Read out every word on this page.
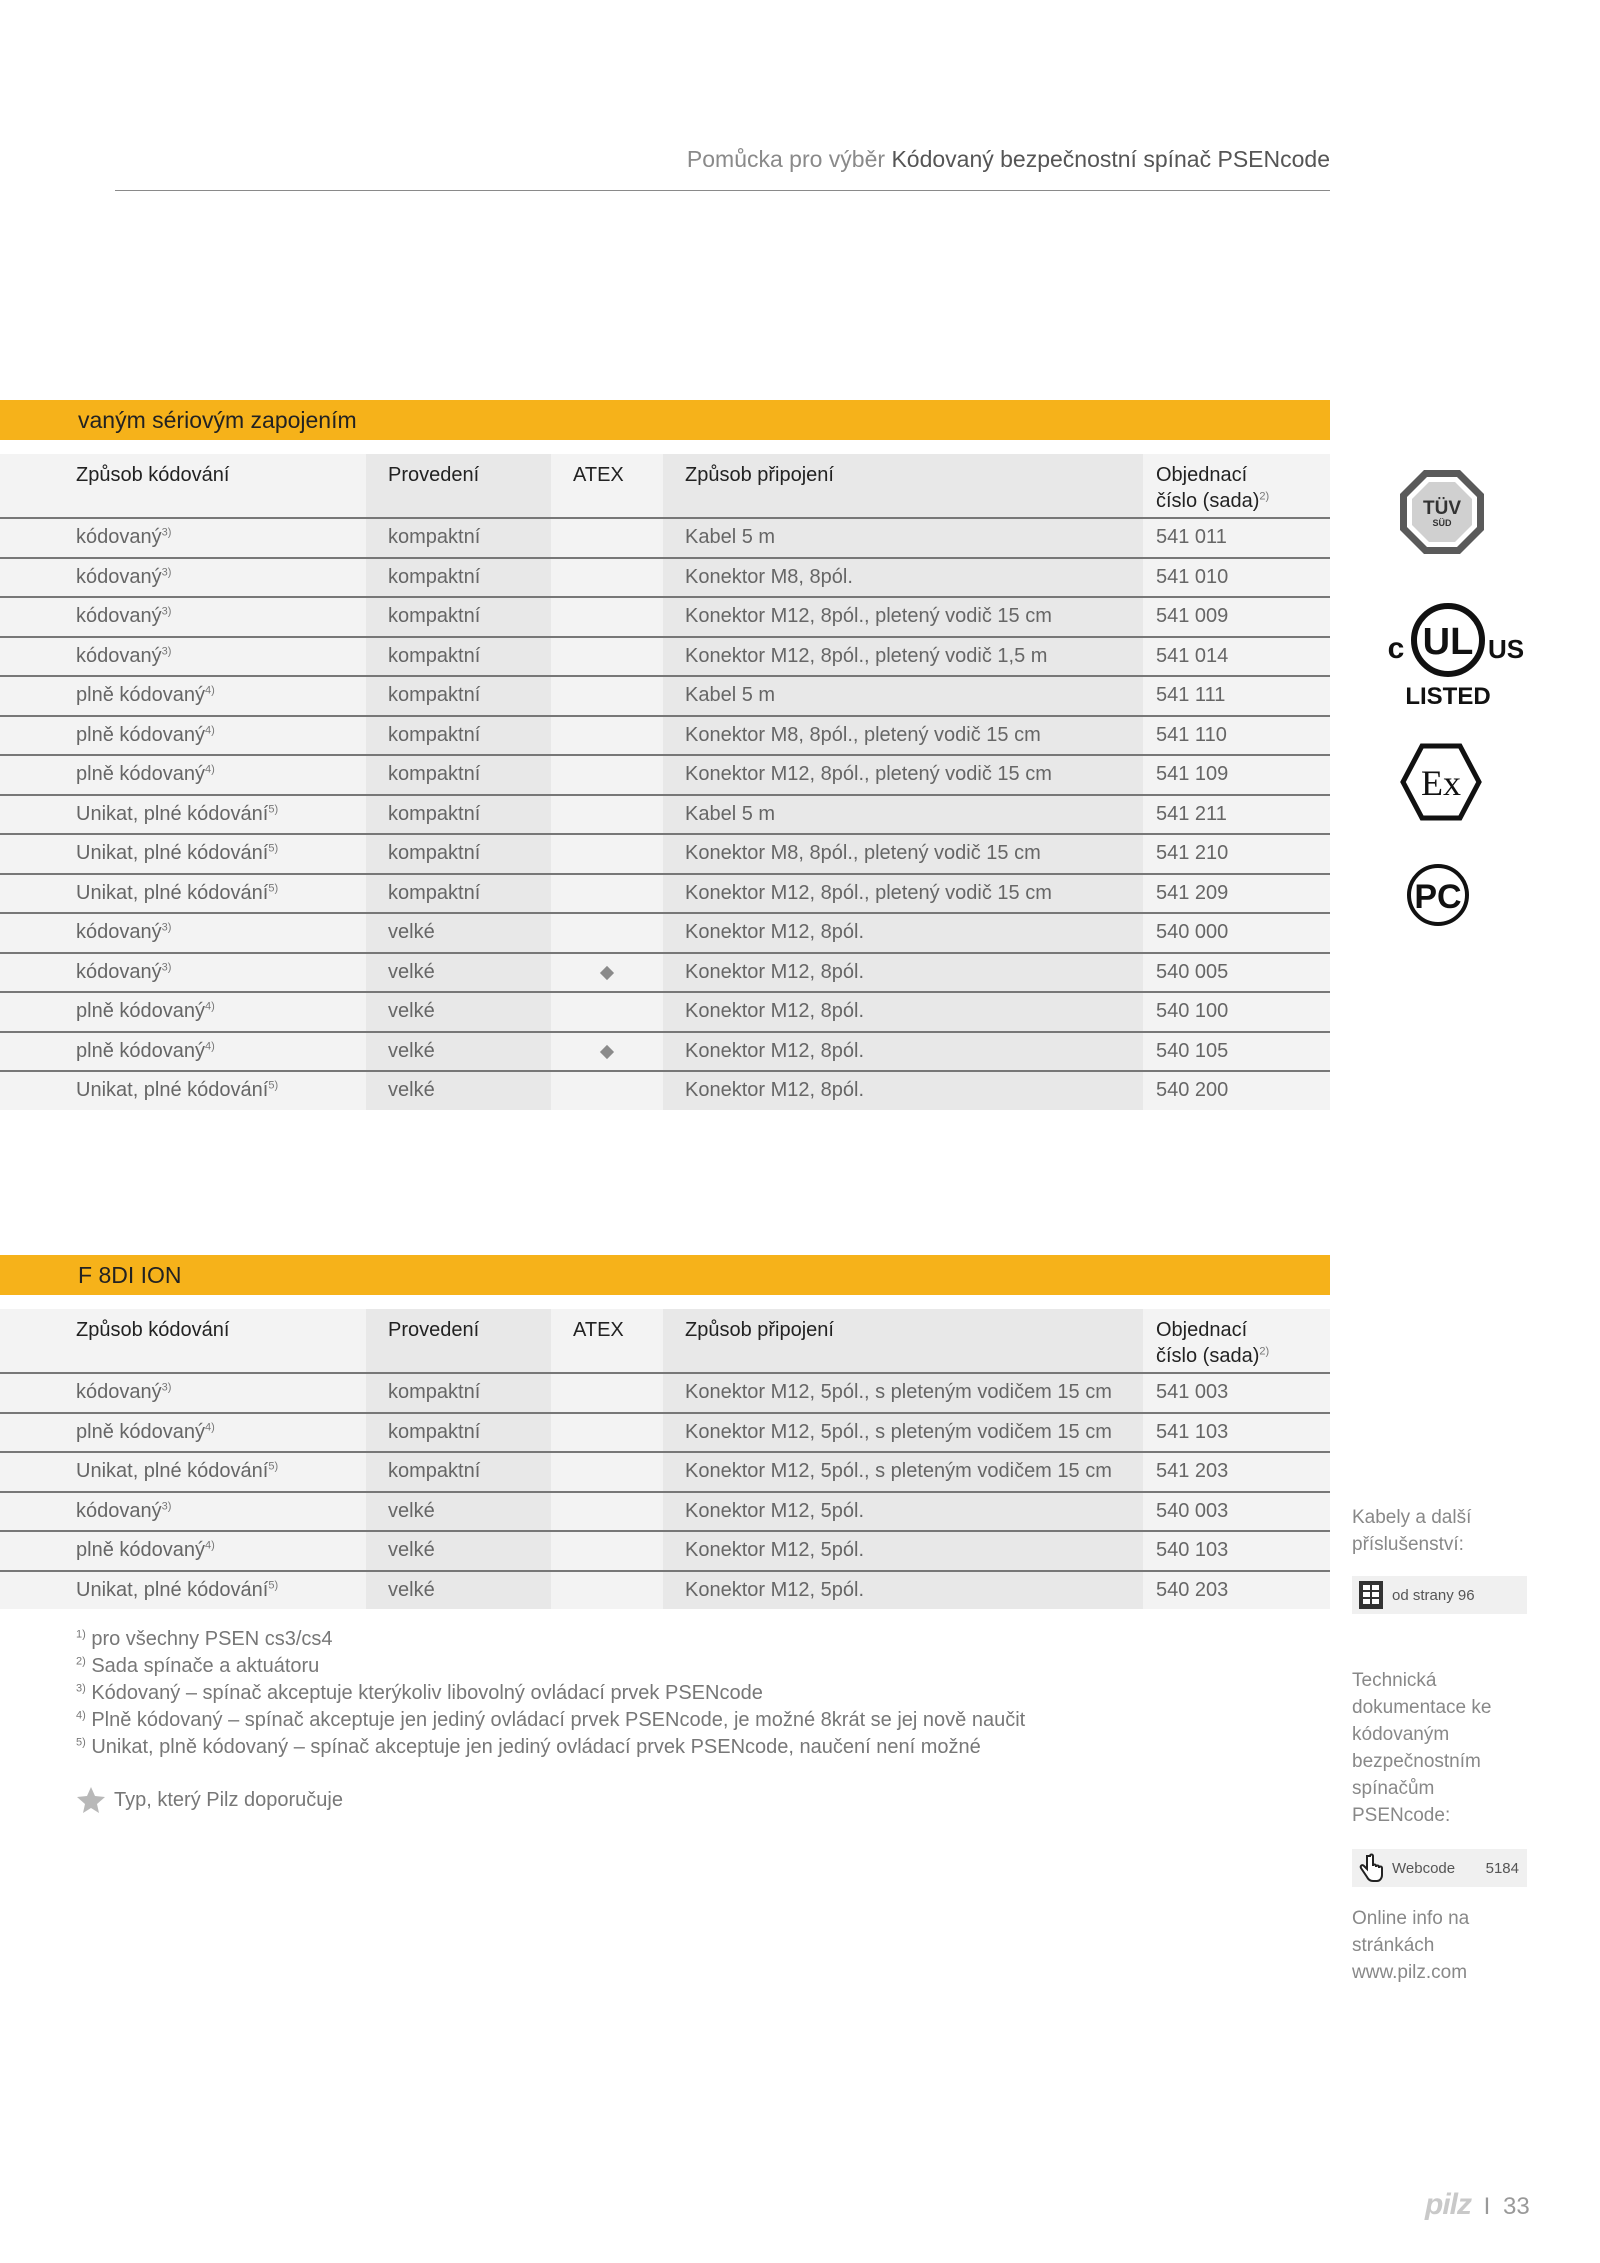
Pomůcka pro výběr Kódovaný bezpečnostní spínač PSENcode
vaným sériovým zapojením
Způsob kódování	Provedení	ATEX	Způsob připojení	Objednací
číslo (sada)$^{2)}$
kódovaný$^{3)}$	kompaktní		Kabel 5 m	541 011
kódovaný$^{3)}$	kompaktní		Konektor M8, 8pól.	541 010
kódovaný$^{3)}$	kompaktní		Konektor M12, 8pól., pletený vodič 15 cm	541 009
kódovaný$^{3)}$	kompaktní		Konektor M12, 8pól., pletený vodič 1,5 m	541 014
plně kódovaný$^{4)}$	kompaktní		Kabel 5 m	541 111
plně kódovaný$^{4)}$	kompaktní		Konektor M8, 8pól., pletený vodič 15 cm	541 110
plně kódovaný$^{4)}$	kompaktní		Konektor M12, 8pól., pletený vodič 15 cm	541 109
Unikat, plné kódování$^{5)}$	kompaktní		Kabel 5 m	541 211
Unikat, plné kódování$^{5)}$	kompaktní		Konektor M8, 8pól., pletený vodič 15 cm	541 210
Unikat, plné kódování$^{5)}$	kompaktní		Konektor M12, 8pól., pletený vodič 15 cm	541 209
kódovaný$^{3)}$	velké		Konektor M12, 8pól.	540 000
kódovaný$^{3)}$	velké		Konektor M12, 8pól.	540 005
plně kódovaný$^{4)}$	velké		Konektor M12, 8pól.	540 100
plně kódovaný$^{4)}$	velké		Konektor M12, 8pól.	540 105
Unikat, plné kódování$^{5)}$	velké		Konektor M12, 8pól.	540 200
F 8DI ION
Způsob kódování	Provedení	ATEX	Způsob připojení	Objednací
číslo (sada)$^{2)}$
kódovaný$^{3)}$	kompaktní		Konektor M12, 5pól., s pleteným vodičem 15 cm	541 003
plně kódovaný$^{4)}$	kompaktní		Konektor M12, 5pól., s pleteným vodičem 15 cm	541 103
Unikat, plné kódování$^{5)}$	kompaktní		Konektor M12, 5pól., s pleteným vodičem 15 cm	541 203
kódovaný$^{3)}$	velké		Konektor M12, 5pól.	540 003
plně kódovaný$^{4)}$	velké		Konektor M12, 5pól.	540 103
Unikat, plné kódování$^{5)}$	velké		Konektor M12, 5pól.	540 203
$^{1)}$ pro všechny PSEN cs3/cs4
$^{2)}$ Sada spínače a aktuátoru
$^{3)}$ Kódovaný – spínač akceptuje kterýkoliv libovolný ovládací prvek PSENcode
$^{4)}$ Plně kódovaný – spínač akceptuje jen jediný ovládací prvek PSENcode, je možné 8krát se jej nově naučit
$^{5)}$ Unikat, plně kódovaný – spínač akceptuje jen jediný ovládací prvek PSENcode, naučení není možné
Typ, který Pilz doporučuje
TÜV
SÜD
UL
c	US
LISTED
Ex
PC
Kabely a další příslušenství:
od strany 96
Technická dokumentace ke kódovaným bezpečnostním spínačům PSENcode:
Webcode 5184
Online info na stránkách www.pilz.com
pilz I 33
